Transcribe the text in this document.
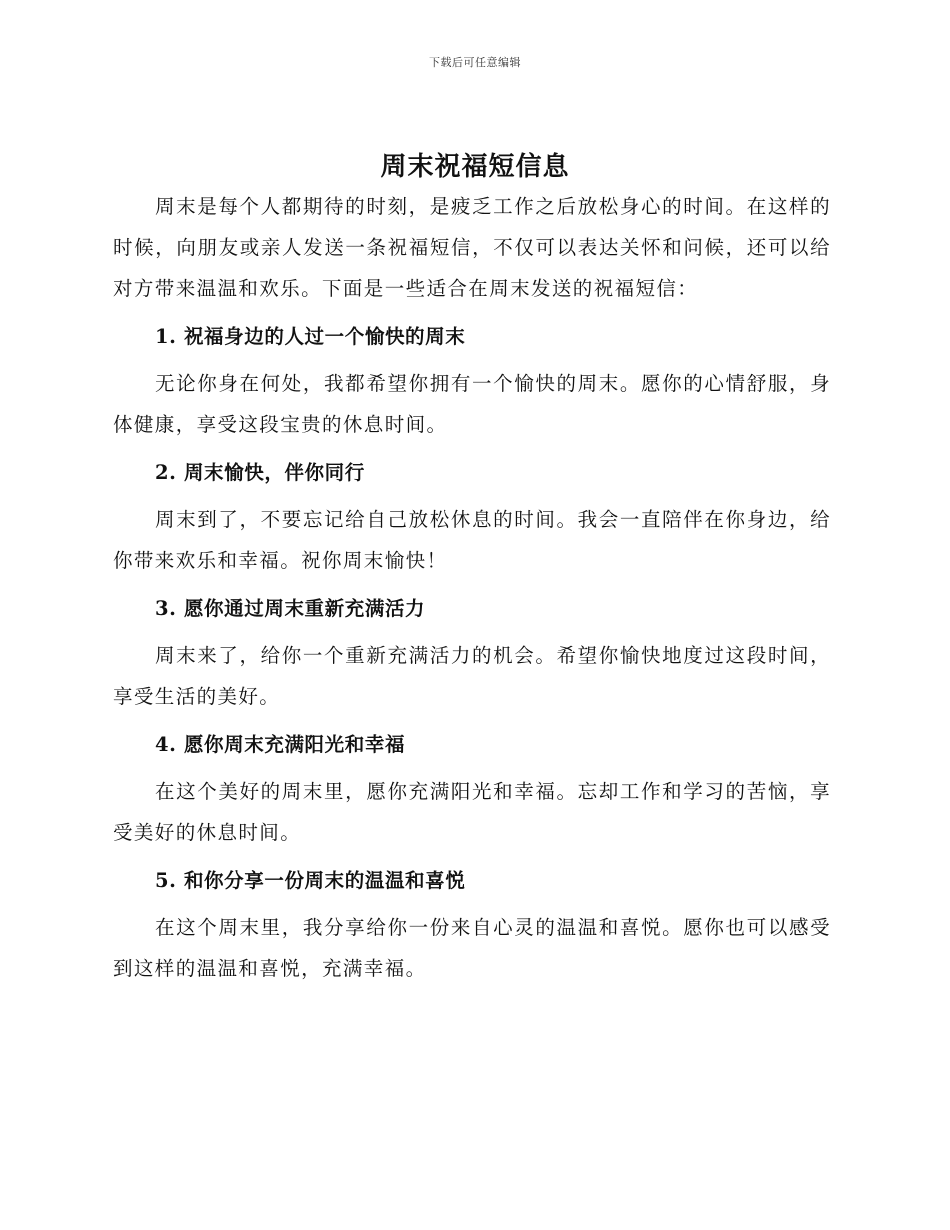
下载后可任意编辑
周末祝福短信息

周末是每个人都期待的时刻，是疲乏工作之后放松身心的时间。在这样的时候，向朋友或亲人发送一条祝福短信，不仅可以表达关怀和问候，还可以给对方带来温温和欢乐。下面是一些适合在周末发送的祝福短信：

1. 祝福身边的人过一个愉快的周末

无论你身在何处，我都希望你拥有一个愉快的周末。愿你的心情舒服，身体健康，享受这段宝贵的休息时间。

2. 周末愉快，伴你同行

周末到了，不要忘记给自己放松休息的时间。我会一直陪伴在你身边，给你带来欢乐和幸福。祝你周末愉快！

3. 愿你通过周末重新充满活力

周末来了，给你一个重新充满活力的机会。希望你愉快地度过这段时间，享受生活的美好。

4. 愿你周末充满阳光和幸福

在这个美好的周末里，愿你充满阳光和幸福。忘却工作和学习的苦恼，享受美好的休息时间。

5. 和你分享一份周末的温温和喜悦

在这个周末里，我分享给你一份来自心灵的温温和喜悦。愿你也可以感受到这样的温温和喜悦，充满幸福。
